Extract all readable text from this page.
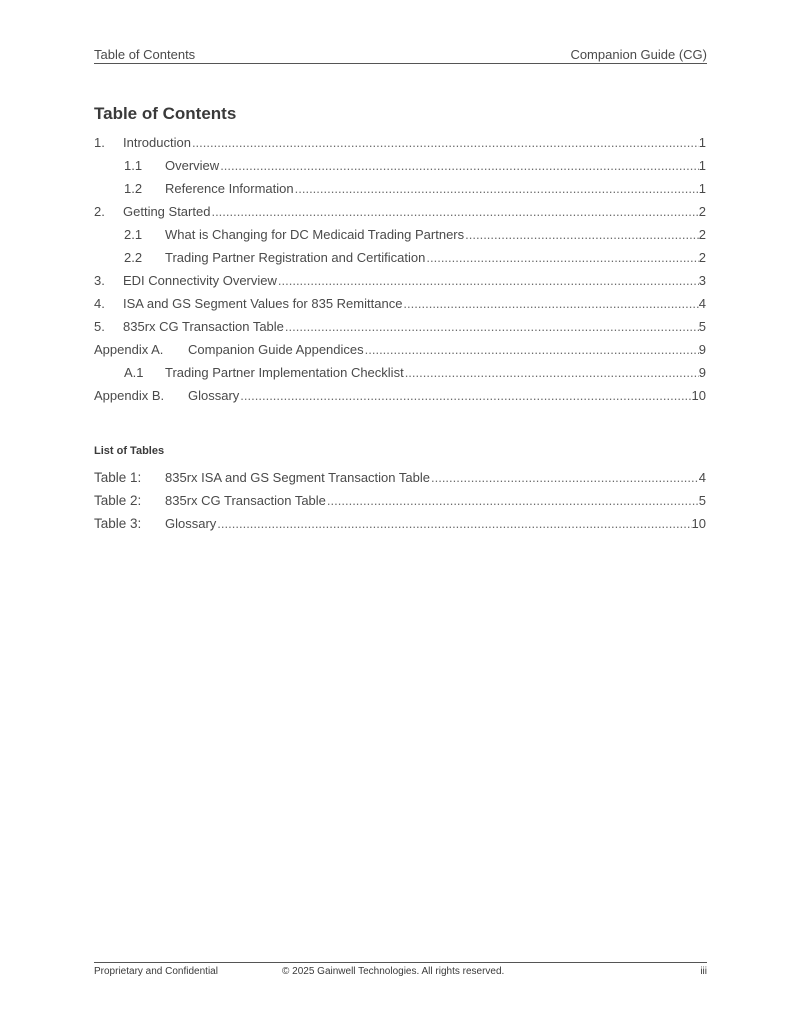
Table of Contents	Companion Guide (CG)
Table of Contents
1.	Introduction .....	1
1.1	Overview .....	1
1.2	Reference Information .....	1
2.	Getting Started .....	2
2.1	What is Changing for DC Medicaid Trading Partners .....	2
2.2	Trading Partner Registration and Certification .....	2
3.	EDI Connectivity Overview .....	3
4.	ISA and GS Segment Values for 835 Remittance .....	4
5.	835rx CG Transaction Table .....	5
Appendix A.	Companion Guide Appendices .....	9
A.1	Trading Partner Implementation Checklist .....	9
Appendix B.	Glossary .....	10
List of Tables
Table 1:	835rx ISA and GS Segment Transaction Table .....	4
Table 2:	835rx CG Transaction Table .....	5
Table 3:	Glossary .....	10
Proprietary and Confidential	© 2025 Gainwell Technologies. All rights reserved.	iii
